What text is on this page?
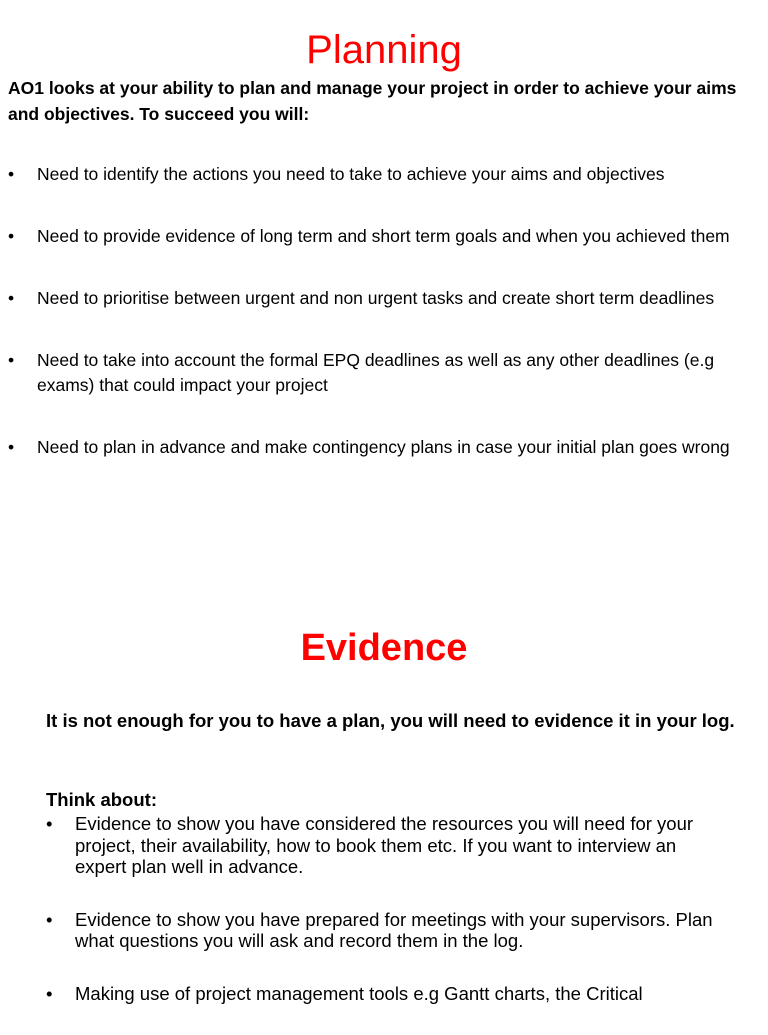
Planning
AO1 looks at your ability to plan and manage your project in order to achieve your aims and objectives. To succeed you will:
• Need to identify the actions you need to take to achieve your aims and objectives
• Need to provide evidence of long term and short term goals and when you achieved them
• Need to prioritise between urgent and non urgent tasks and create short term deadlines
• Need to take into account the formal EPQ deadlines as well as any other deadlines (e.g exams) that could impact your project
• Need to plan in advance and make contingency plans in case your initial plan goes wrong
Evidence
It is not enough for you to have a plan, you will need to evidence it in your log.
Think about:
• Evidence to show you have considered the resources you will need for your project, their availability, how to book them etc. If you want to interview an expert plan well in advance.
• Evidence to show you have prepared for meetings with your supervisors. Plan what questions you will ask and record them in the log.
• Making use of project management tools e.g Gantt charts, the Critical
